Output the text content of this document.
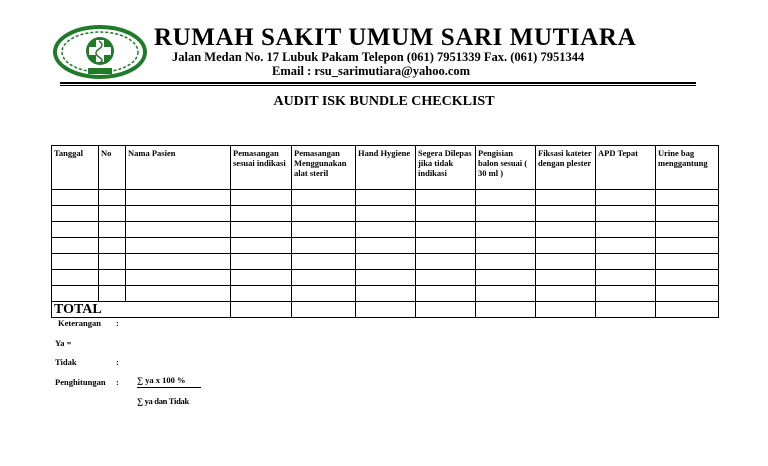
RUMAH SAKIT UMUM SARI MUTIARA
Jalan Medan No. 17 Lubuk Pakam Telepon (061) 7951339 Fax. (061) 7951344
Email : rsu_sarimutiara@yahoo.com
AUDIT ISK BUNDLE CHECKLIST
Tanggal	No	Nama Pasien	Pemasangan sesuai indikasi	Pemasangan Menggunakan alat steril	Hand Hygiene	Segera Dilepas jika tidak indikasi	Pengisian balon sesuai ( 30 ml )	Fiksasi kateter dengan plester	APD Tepat	Urine bag menggantung

TOTAL										
Keterangan :
Ya =
Tidak	:
Penghitungan : ∑ ya x 100 %
∑ ya dan Tidak
